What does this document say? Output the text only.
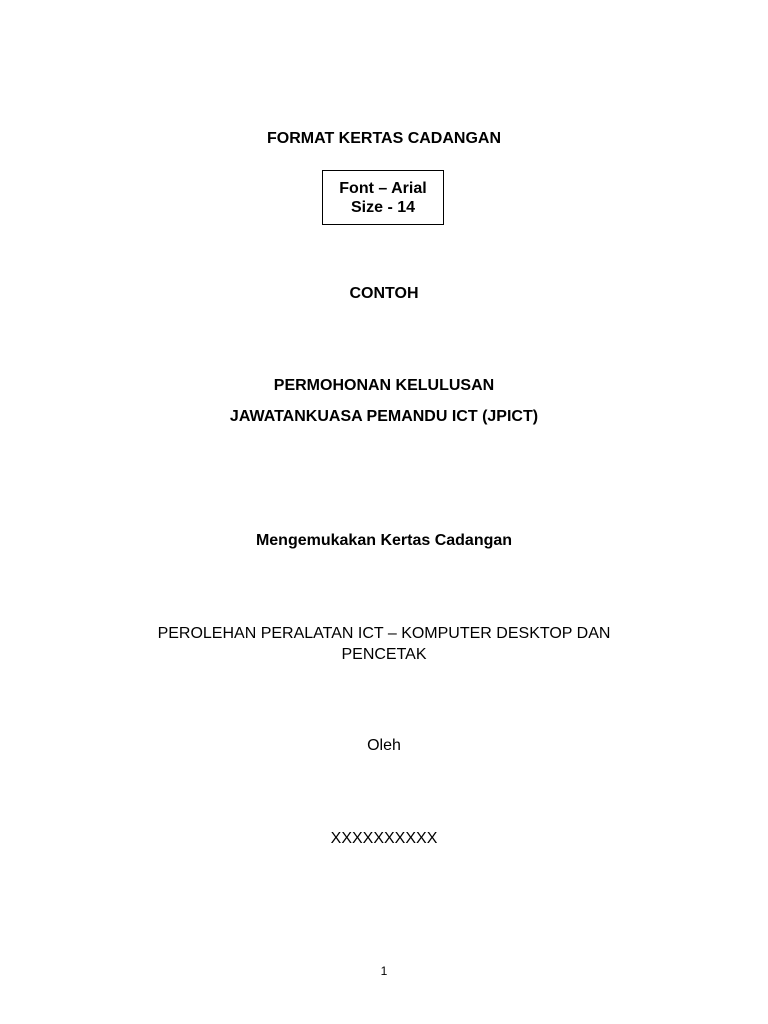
FORMAT KERTAS CADANGAN
Font – Arial
Size - 14
CONTOH
PERMOHONAN KELULUSAN
JAWATANKUASA PEMANDU ICT (JPICT)
Mengemukakan Kertas Cadangan
PEROLEHAN PERALATAN ICT – KOMPUTER DESKTOP DAN
PENCETAK
Oleh
XXXXXXXXXX
1
